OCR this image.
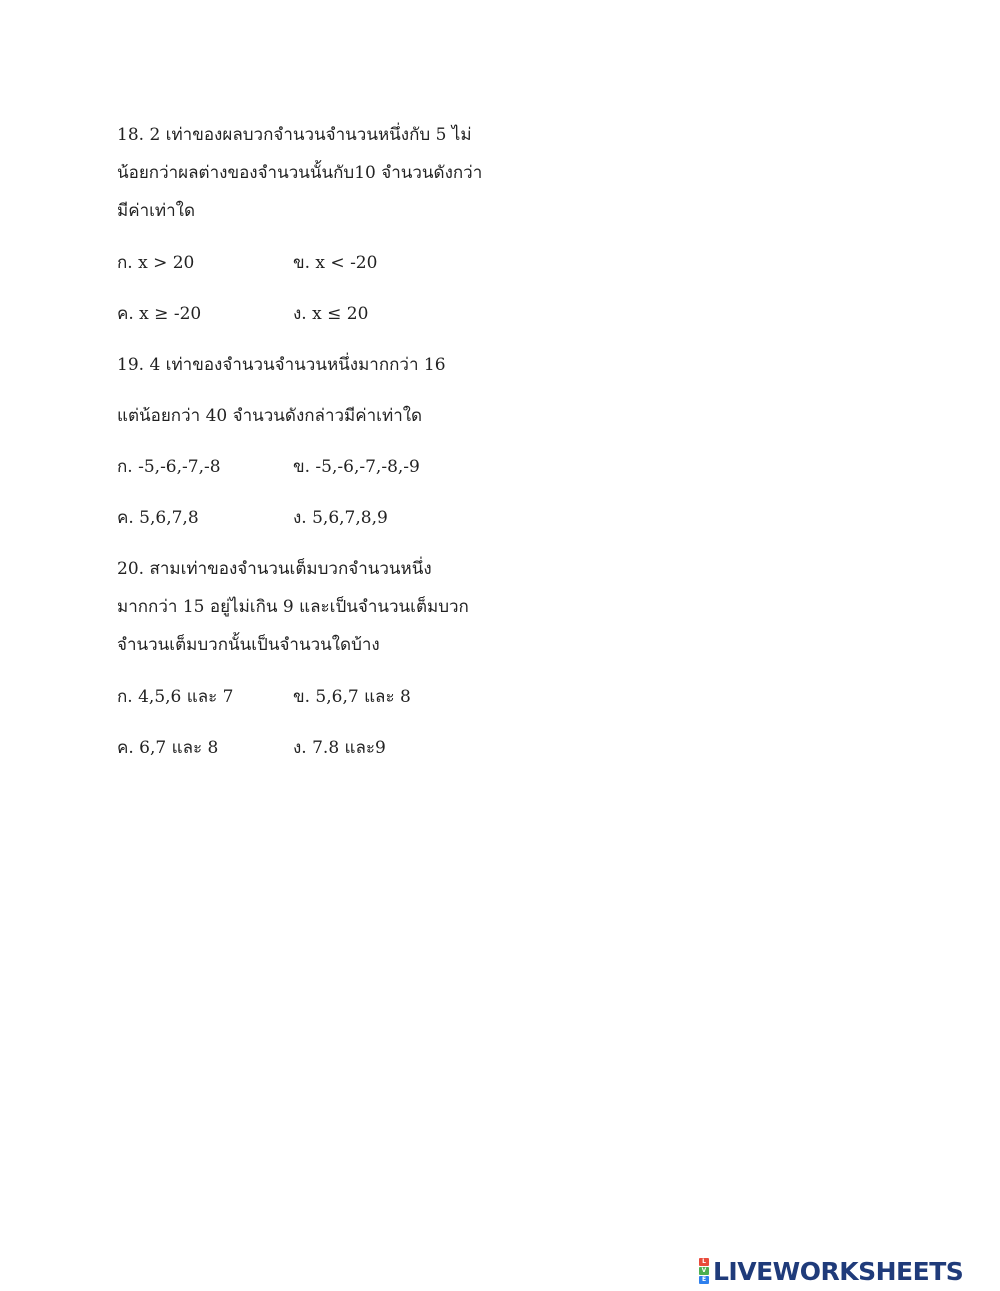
18. 2 เท่าของผลบวกจำนวนจำนวนหนึ่งกับ 5 ไม่
น้อยกว่าผลต่างของจำนวนนั้นกับ10 จำนวนดังกว่า
มีค่าเท่าใด
ก. x > 20	ข. x < -20
ค. x ≥ -20	ง. x ≤ 20
19. 4 เท่าของจำนวนจำนวนหนึ่งมากกว่า 16
แต่น้อยกว่า 40 จำนวนดังกล่าวมีค่าเท่าใด
ก. -5,-6,-7,-8	ข. -5,-6,-7,-8,-9
ค. 5,6,7,8	ง. 5,6,7,8,9
20. สามเท่าของจำนวนเต็มบวกจำนวนหนึ่ง
มากกว่า 15 อยู่ไม่เกิน 9 และเป็นจำนวนเต็มบวก
จำนวนเต็มบวกนั้นเป็นจำนวนใดบ้าง
ก. 4,5,6 และ 7	ข. 5,6,7 และ 8
ค. 6,7 และ 8	ง. 7.8 และ9
L
V
E LIVEWORKSHEETS
